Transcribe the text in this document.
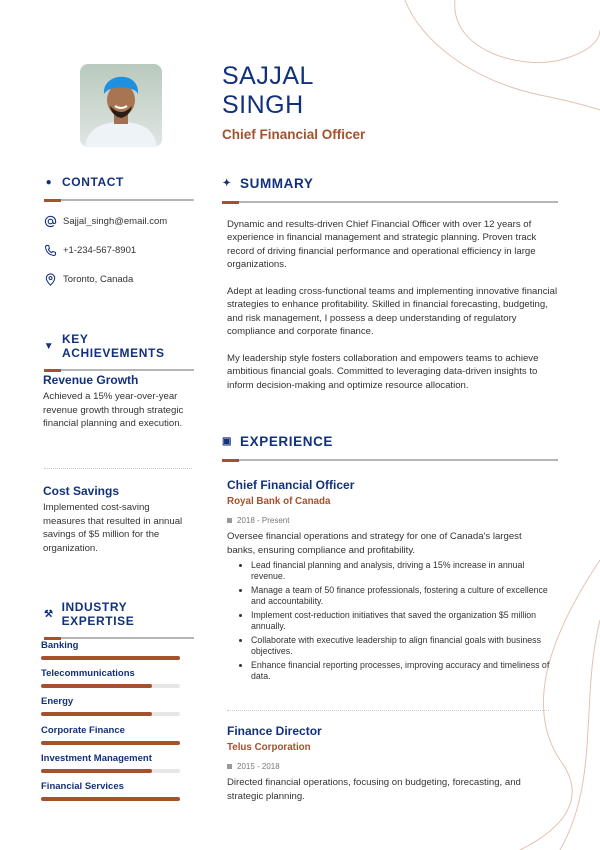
SAJJAL
SINGH
Chief Financial Officer
● CONTACT
Sajjal_singh@email.com
+1-234-567-8901
Toronto, Canada
▼ KEY ACHIEVEMENTS
Revenue Growth
Achieved a 15% year-over-year revenue growth through strategic financial planning and execution.
Cost Savings
Implemented cost-saving measures that resulted in annual savings of $5 million for the organization.
⚒ INDUSTRY EXPERTISE
Banking
Telecommunications
Energy
Corporate Finance
Investment Management
Financial Services
✦ SUMMARY

Dynamic and results-driven Chief Financial Officer with over 12 years of experience in financial management and strategic planning. Proven track record of driving financial performance and operational efficiency in large organizations.

Adept at leading cross-functional teams and implementing innovative financial strategies to enhance profitability. Skilled in financial forecasting, budgeting, and risk management, I possess a deep understanding of regulatory compliance and corporate finance.

My leadership style fosters collaboration and empowers teams to achieve ambitious financial goals. Committed to leveraging data-driven insights to inform decision-making and optimize resource allocation.

▣ EXPERIENCE
Chief Financial Officer
Royal Bank of Canada
2018 - Present
Oversee financial operations and strategy for one of Canada's largest banks, ensuring compliance and profitability.
Lead financial planning and analysis, driving a 15% increase in annual revenue.
Manage a team of 50 finance professionals, fostering a culture of excellence and accountability.
Implement cost-reduction initiatives that saved the organization $5 million annually.
Collaborate with executive leadership to align financial goals with business objectives.
Enhance financial reporting processes, improving accuracy and timeliness of data.
Finance Director
Telus Corporation
2015 - 2018
Directed financial operations, focusing on budgeting, forecasting, and strategic planning.
